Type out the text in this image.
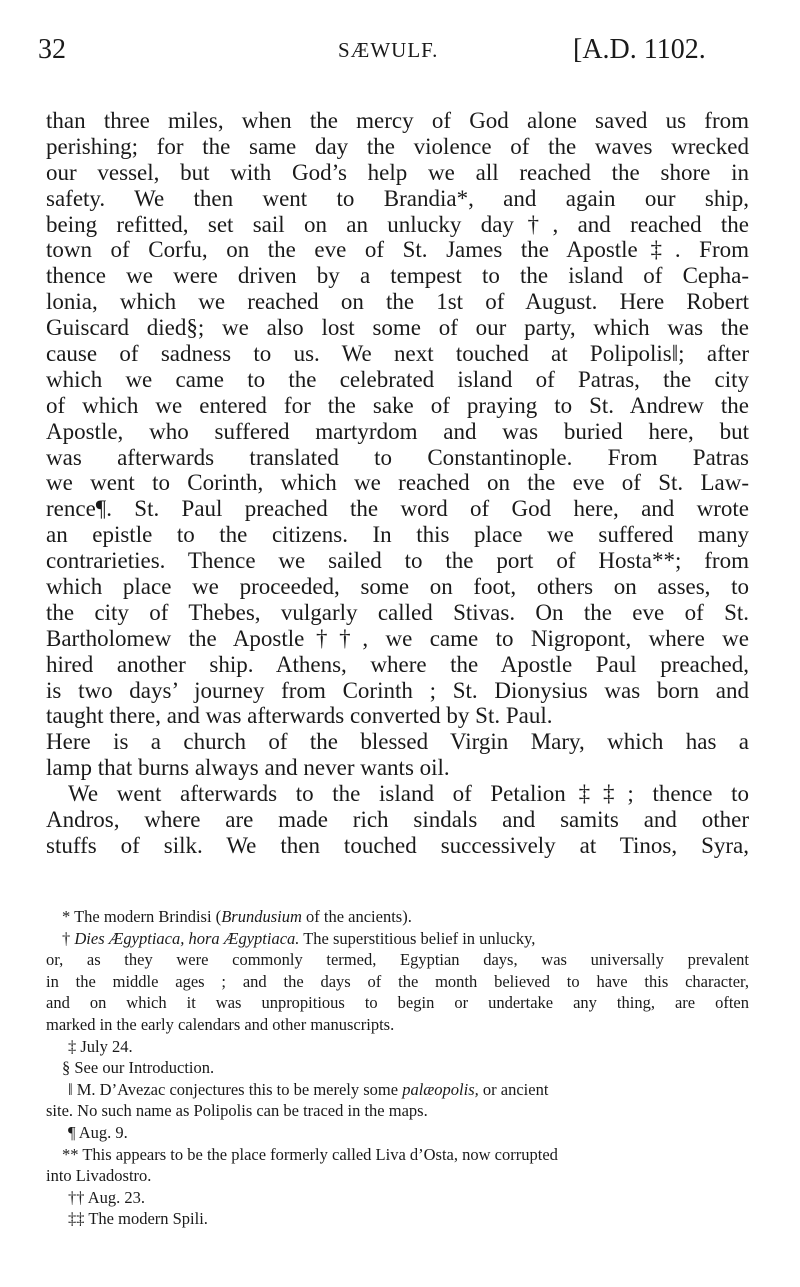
32	SÆWULF.	[A.D. 1102.
than three miles, when the mercy of God alone saved us from
perishing; for the same day the violence of the waves wrecked
our vessel, but with God’s help we all reached the shore in
safety. We then went to Brandia*, and again our ship,
being refitted, set sail on an unlucky day†, and reached the
town of Corfu, on the eve of St. James the Apostle‡. From
thence we were driven by a tempest to the island of Cepha-
lonia, which we reached on the 1st of August. Here Robert
Guiscard died§; we also lost some of our party, which was the
cause of sadness to us. We next touched at Polipolis‖; after
which we came to the celebrated island of Patras, the city
of which we entered for the sake of praying to St. Andrew the
Apostle, who suffered martyrdom and was buried here, but
was afterwards translated to Constantinople. From Patras
we went to Corinth, which we reached on the eve of St. Law-
rence¶. St. Paul preached the word of God here, and wrote
an epistle to the citizens. In this place we suffered many
contrarieties. Thence we sailed to the port of Hosta**; from
which place we proceeded, some on foot, others on asses, to
the city of Thebes, vulgarly called Stivas. On the eve of St.
Bartholomew the Apostle††, we came to Nigropont, where we
hired another ship. Athens, where the Apostle Paul preached,
is two days’ journey from Corinth ; St. Dionysius was born and
taught there, and was afterwards converted by St. Paul.
Here is a church of the blessed Virgin Mary, which has a
lamp that burns always and never wants oil.
We went afterwards to the island of Petalion‡‡; thence to
Andros, where are made rich sindals and samits and other
stuffs of silk. We then touched successively at Tinos, Syra,
* The modern Brindisi (Brundusium of the ancients).
† Dies Ægyptiaca, hora Ægyptiaca. The superstitious belief in unlucky,
or, as they were commonly termed, Egyptian days, was universally prevalent
in the middle ages ; and the days of the month believed to have this character,
and on which it was unpropitious to begin or undertake any thing, are often
marked in the early calendars and other manuscripts.
‡ July 24.
§ See our Introduction.
‖ M. D’Avezac conjectures this to be merely some palæopolis, or ancient
site. No such name as Polipolis can be traced in the maps.
¶ Aug. 9.
** This appears to be the place formerly called Liva d’Osta, now corrupted
into Livadostro.
†† Aug. 23.
‡‡ The modern Spili.
